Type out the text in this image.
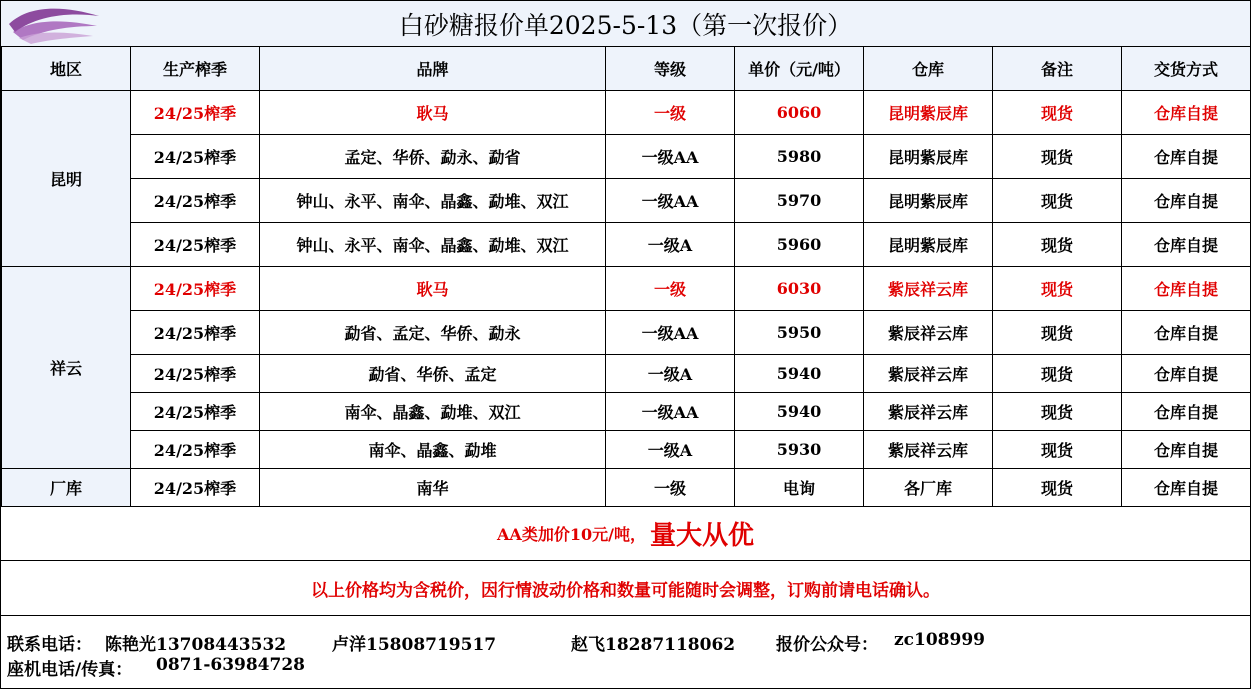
白砂糖报价单2025-5-13（第一次报价）
地区	生产榨季	品牌	等级	单价（元/吨）	仓库	备注	交货方式
昆明	24/25榨季	耿马	一级	6060	昆明紫辰库	现货	仓库自提
	24/25榨季	孟定、华侨、勐永、勐省	一级AA	5980	昆明紫辰库	现货	仓库自提
	24/25榨季	钟山、永平、南伞、晶鑫、勐堆、双江	一级AA	5970	昆明紫辰库	现货	仓库自提
	24/25榨季	钟山、永平、南伞、晶鑫、勐堆、双江	一级A	5960	昆明紫辰库	现货	仓库自提
祥云	24/25榨季	耿马	一级	6030	紫辰祥云库	现货	仓库自提
	24/25榨季	勐省、孟定、华侨、勐永	一级AA	5950	紫辰祥云库	现货	仓库自提
	24/25榨季	勐省、华侨、孟定	一级A	5940	紫辰祥云库	现货	仓库自提
	24/25榨季	南伞、晶鑫、勐堆、双江	一级AA	5940	紫辰祥云库	现货	仓库自提
	24/25榨季	南伞、晶鑫、勐堆	一级A	5930	紫辰祥云库	现货	仓库自提
厂库	24/25榨季	南华	一级	电询	各厂库	现货	仓库自提
AA类加价10元/吨， 量大从优
以上价格均为含税价，因行情波动价格和数量可能随时会调整，订购前请电话确认。
联系电话： 陈艳光13708443532	卢洋15808719517	赵飞18287118062 报价公众号： zc108999
座机电话/传真： 0871-63984728
